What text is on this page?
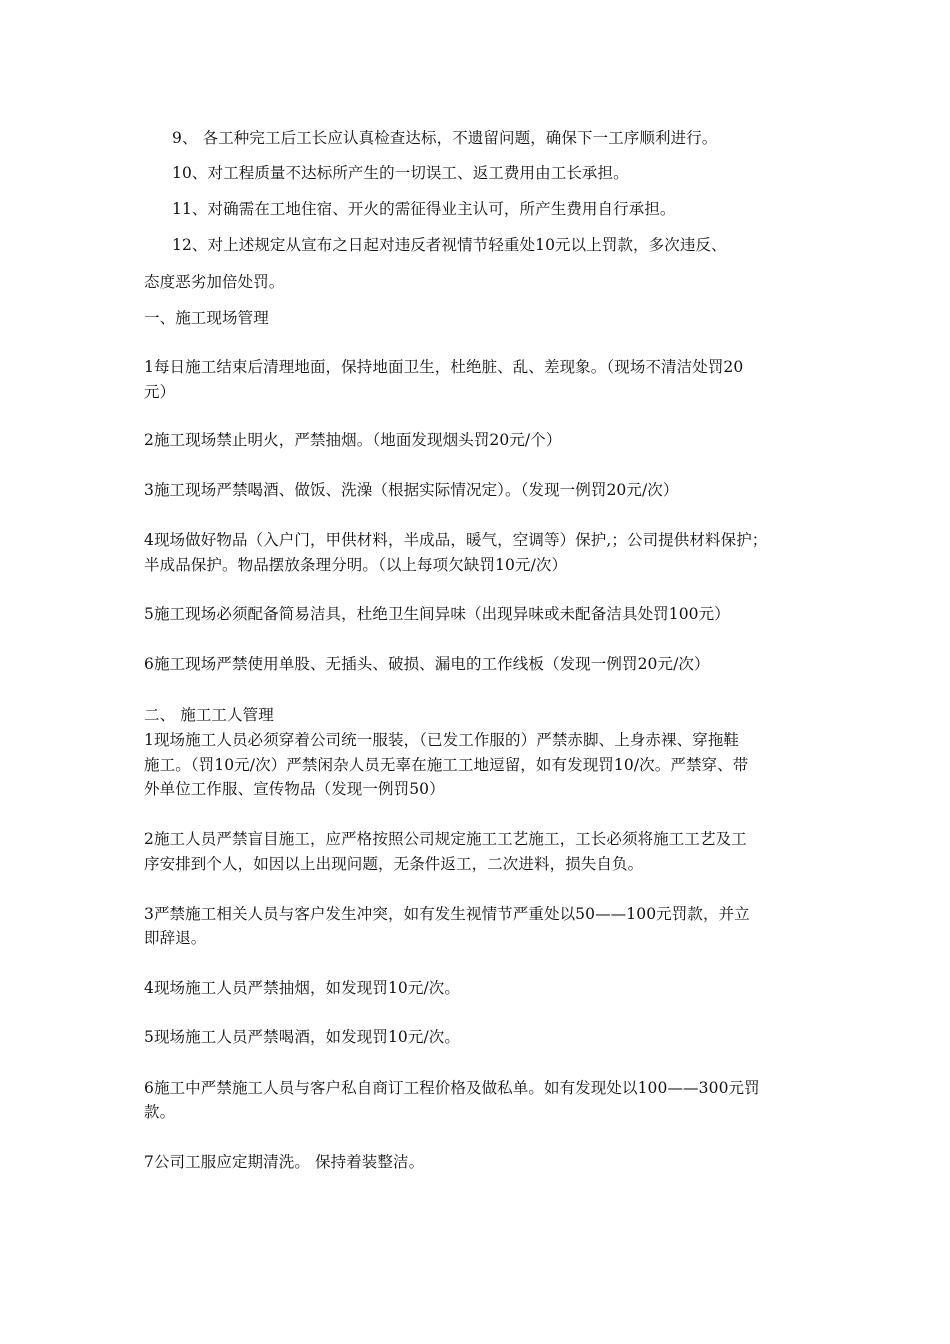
9、 各工种完工后工长应认真检查达标，不遗留问题，确保下一工序顺利进行。
10、对工程质量不达标所产生的一切误工、返工费用由工长承担。
11、对确需在工地住宿、开火的需征得业主认可，所产生费用自行承担。
12、对上述规定从宣布之日起对违反者视情节轻重处10元以上罚款，多次违反、
态度恶劣加倍处罚。
一、施工现场管理
1每日施工结束后清理地面，保持地面卫生，杜绝脏、乱、差现象。（现场不清洁处罚20
元）
2施工现场禁止明火，严禁抽烟。（地面发现烟头罚20元/个）
3施工现场严禁喝酒、做饭、洗澡（根据实际情况定）。（发现一例罚20元/次）
4现场做好物品（入户门，甲供材料，半成品，暖气，空调等）保护,；公司提供材料保护；
半成品保护。物品摆放条理分明。（以上每项欠缺罚10元/次）
5施工现场必须配备简易洁具，杜绝卫生间异味（出现异味或未配备洁具处罚100元）
6施工现场严禁使用单股、无插头、破损、漏电的工作线板（发现一例罚20元/次）
二、 施工工人管理
1现场施工人员必须穿着公司统一服装，（已发工作服的）严禁赤脚、上身赤裸、穿拖鞋
施工。（罚10元/次）严禁闲杂人员无辜在施工工地逗留，如有发现罚10/次。严禁穿、带
外单位工作服、宣传物品（发现一例罚50）
2施工人员严禁盲目施工，应严格按照公司规定施工工艺施工，工长必须将施工工艺及工
序安排到个人，如因以上出现问题，无条件返工，二次进料，损失自负。
3严禁施工相关人员与客户发生冲突，如有发生视情节严重处以50——100元罚款，并立
即辞退。
4现场施工人员严禁抽烟，如发现罚10元/次。
5现场施工人员严禁喝酒，如发现罚10元/次。
6施工中严禁施工人员与客户私自商订工程价格及做私单。如有发现处以100——300元罚
款。
7公司工服应定期清洗。 保持着装整洁。
